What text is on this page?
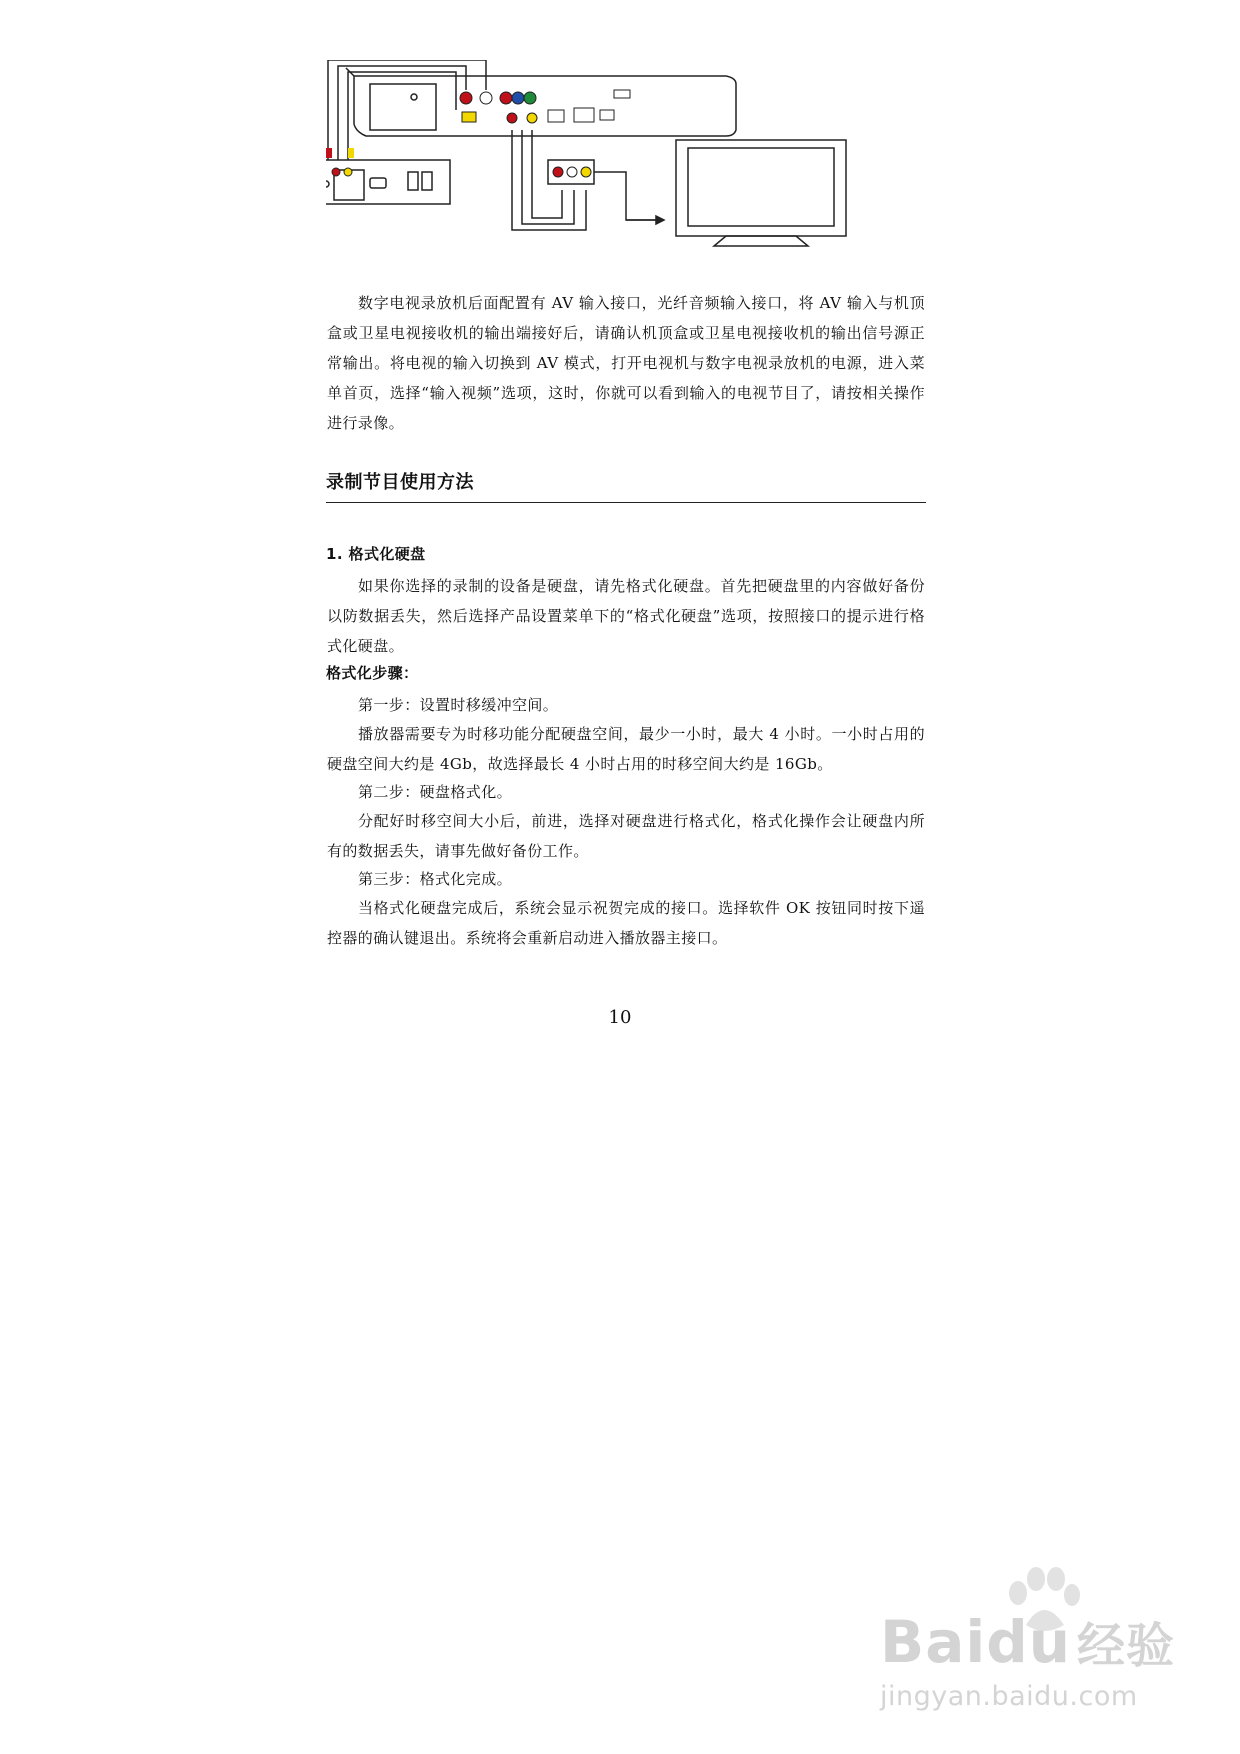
数字电视录放机后面配置有 AV 输入接口，光纤音频输入接口，将 AV 输入与机顶盒或卫星电视接收机的输出端接好后，请确认机顶盒或卫星电视接收机的输出信号源正常输出。将电视的输入切换到 AV 模式，打开电视机与数字电视录放机的电源，进入菜单首页，选择“输入视频”选项，这时，你就可以看到输入的电视节目了，请按相关操作进行录像。

录制节目使用方法

1. 格式化硬盘

如果你选择的录制的设备是硬盘，请先格式化硬盘。首先把硬盘里的内容做好备份以防数据丢失，然后选择产品设置菜单下的“格式化硬盘”选项，按照接口的提示进行格式化硬盘。

格式化步骤：

第一步：设置时移缓冲空间。

播放器需要专为时移功能分配硬盘空间，最少一小时，最大 4 小时。一小时占用的硬盘空间大约是 4Gb，故选择最长 4 小时占用的时移空间大约是 16Gb。

第二步：硬盘格式化。

分配好时移空间大小后，前进，选择对硬盘进行格式化，格式化操作会让硬盘内所有的数据丢失，请事先做好备份工作。

第三步：格式化完成。

当格式化硬盘完成后，系统会显示祝贺完成的接口。选择软件 OK 按钮同时按下遥控器的确认键退出。系统将会重新启动进入播放器主接口。

10
Baidu 经验
jingyan.baidu.com
